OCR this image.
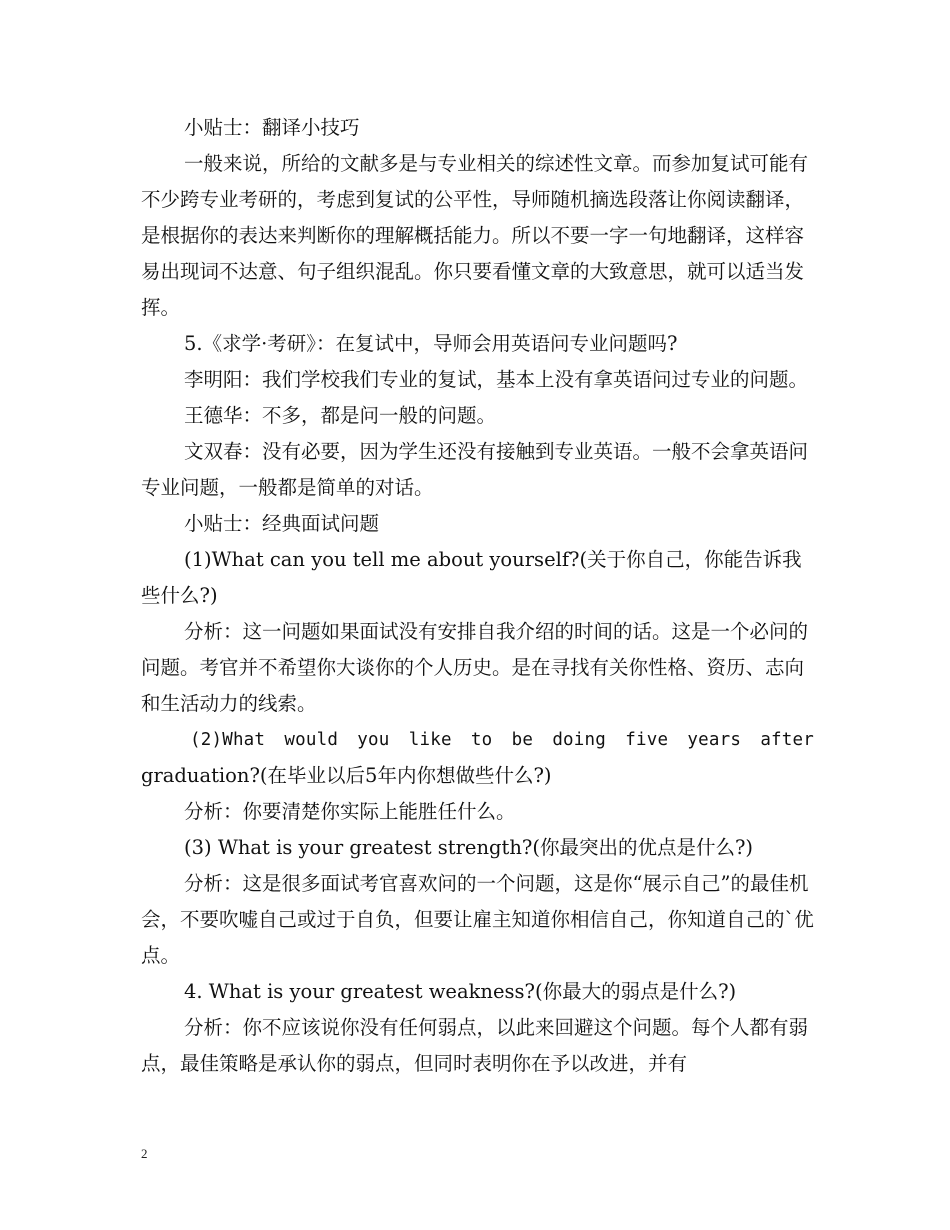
小贴士：翻译小技巧

一般来说，所给的文献多是与专业相关的综述性文章。而参加复试可能有不少跨专业考研的，考虑到复试的公平性，导师随机摘选段落让你阅读翻译，是根据你的表达来判断你的理解概括能力。所以不要一字一句地翻译，这样容易出现词不达意、句子组织混乱。你只要看懂文章的大致意思，就可以适当发挥。

5.《求学·考研》：在复试中，导师会用英语问专业问题吗?

李明阳：我们学校我们专业的复试，基本上没有拿英语问过专业的问题。

王德华：不多，都是问一般的问题。

文双春：没有必要，因为学生还没有接触到专业英语。一般不会拿英语问专业问题，一般都是简单的对话。

小贴士：经典面试问题

(1)What can you tell me about yourself?(关于你自己，你能告诉我些什么?)

分析：这一问题如果面试没有安排自我介绍的时间的话。这是一个必问的问题。考官并不希望你大谈你的个人历史。是在寻找有关你性格、资历、志向和生活动力的线索。

(2)What would you like to be doing five years after

graduation?(在毕业以后5年内你想做些什么?)

分析：你要清楚你实际上能胜任什么。

(3) What is your greatest strength?(你最突出的优点是什么?)

分析：这是很多面试考官喜欢问的一个问题，这是你“展示自己”的最佳机会，不要吹嘘自己或过于自负，但要让雇主知道你相信自己，你知道自己的`优点。

4. What is your greatest weakness?(你最大的弱点是什么?)

分析：你不应该说你没有任何弱点，以此来回避这个问题。每个人都有弱点，最佳策略是承认你的弱点，但同时表明你在予以改进，并有

2
